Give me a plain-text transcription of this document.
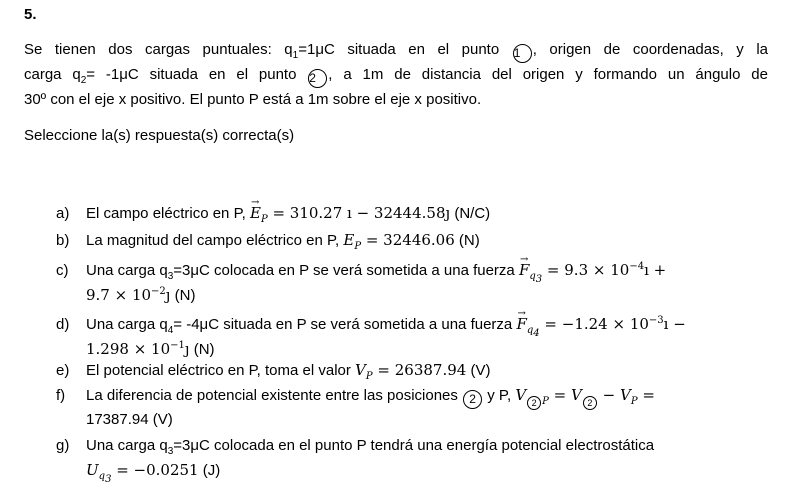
5.
Se tienen dos cargas puntuales: $q_1=1\mu C$ situada en el punto 1 , origen de coordenadas, y la
carga $q_2= -1\mu C$ situada en el punto 2 , a 1m de distancia del origen y formando un ángulo de
30º con el eje x positivo. El punto P está a 1m sobre el eje x positivo.
Seleccione la(s) respuesta(s) correcta(s)
a) El campo eléctrico en P, → $E_P = 310.27$ ı − 32444.58ȷ (N/C)
b) La magnitud del campo eléctrico en P, $E_P = 32446.06$ (N)
c) Una carga $q_3=3\mu C$ colocada en P se verá sometida a una fuerza → $F_{q_3} = 9.3$ × $10^{-4}ı$ +
$9.7 \times 10^{-2}ȷ$ (N)
d) Una carga $q_4= -4\mu C$ situada en P se verá sometida a una fuerza → $F_{q_4} = -1.24$ × $10^{-3}ı$ −
$1.298 \times 10^{-1}ȷ$ (N)
e) El potencial eléctrico en P, toma el valor $V_P = 26387.94$ (V)
f) La diferencia de potencial existente entre las posiciones 2 y P, V $_{2 P}$ = V $_2 - V_P$ =
17387.94 (V)
g) Una carga $q_3=3\mu C$ colocada en el punto P tendrá una energía potencial electrostática
$U_{q_3} = -0.0251$ (J)
